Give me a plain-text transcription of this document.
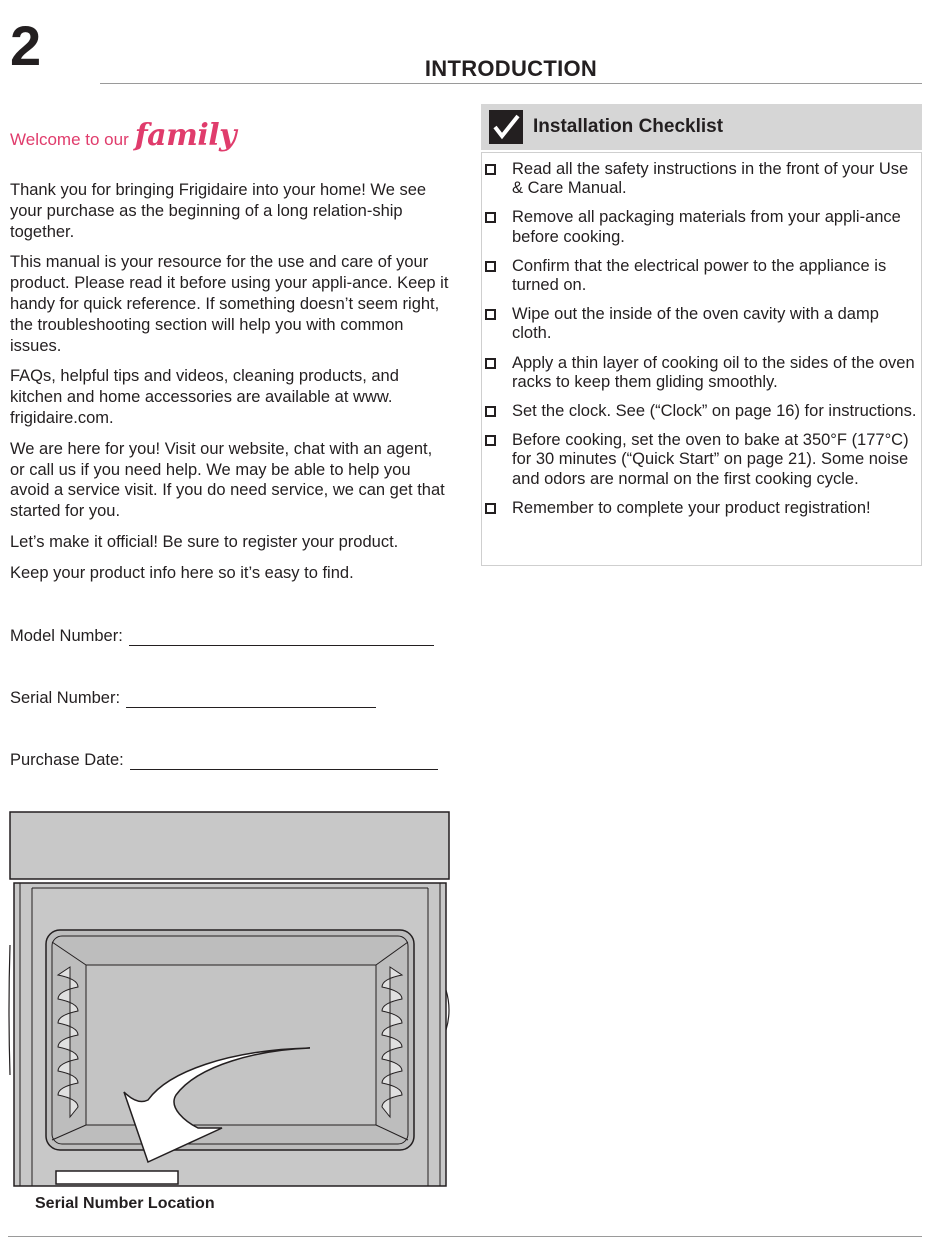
2	INTRODUCTION
Welcome to our family

Thank you for bringing Frigidaire into your home! We see your purchase as the beginning of a long relation-ship together.

This manual is your resource for the use and care of your product. Please read it before using your appli-ance. Keep it handy for quick reference. If something doesn’t seem right, the troubleshooting section will help you with common issues.

FAQs, helpful tips and videos, cleaning products, and kitchen and home accessories are available at www. frigidaire.com.

We are here for you! Visit our website, chat with an agent, or call us if you need help. We may be able to help you avoid a service visit. If you do need service, we can get that started for you.

Let’s make it official! Be sure to register your product.

Keep your product info here so it’s easy to find.

Model Number:
Serial Number:
Purchase Date:
Serial Number Location
Installation Checklist
Read all the safety instructions in the front of your Use & Care Manual.
Remove all packaging materials from your appli-ance before cooking.
Confirm that the electrical power to the appliance is turned on.
Wipe out the inside of the oven cavity with a damp cloth.
Apply a thin layer of cooking oil to the sides of the oven racks to keep them gliding smoothly.
Set the clock. See (“Clock” on page 16) for instructions.
Before cooking, set the oven to bake at 350°F (177°C) for 30 minutes (“Quick Start” on page 21). Some noise and odors are normal on the first cooking cycle.
Remember to complete your product registration!
